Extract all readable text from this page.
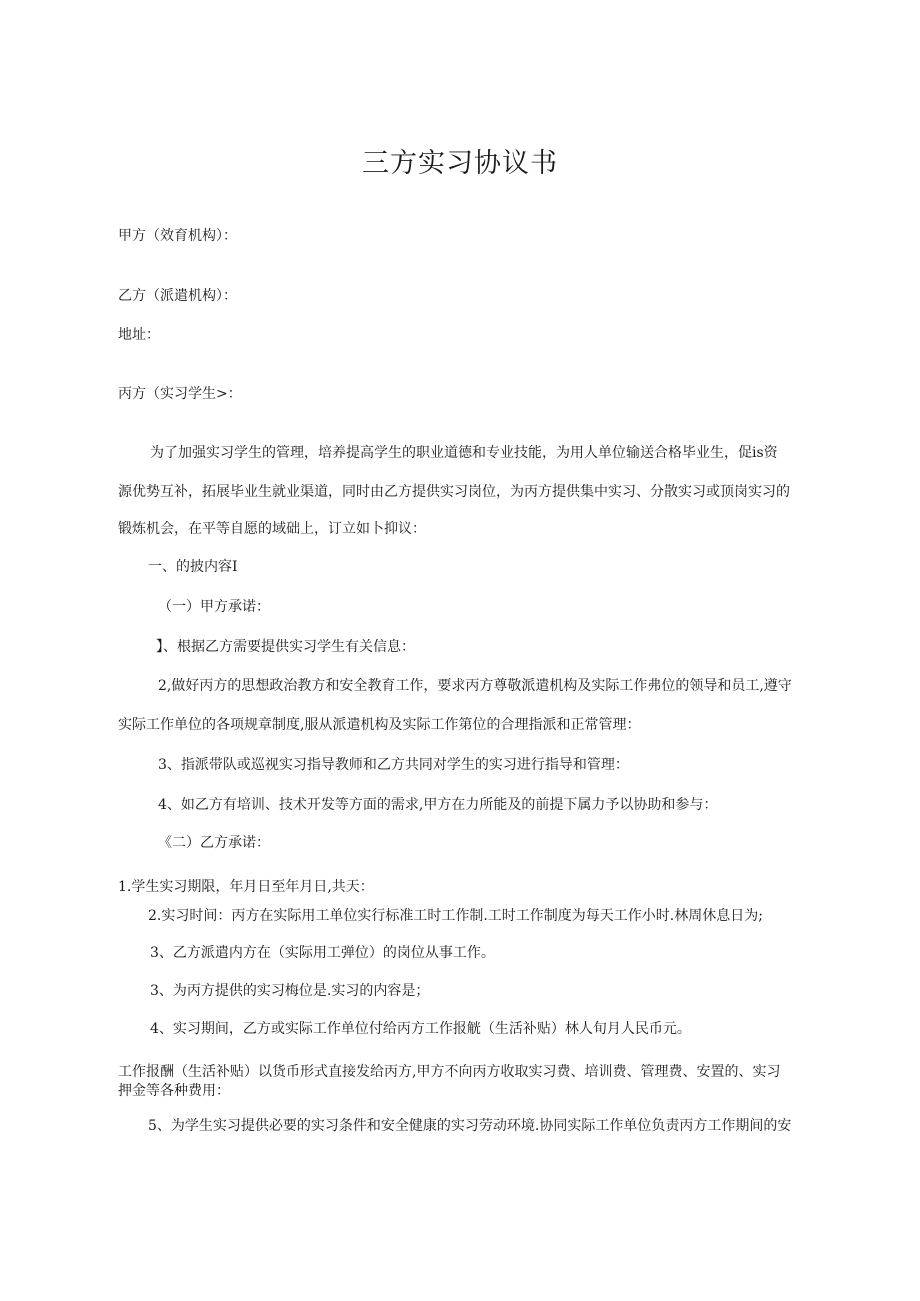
三方实习协议书

甲方（效育机构）：

乙方（派遣机构）：

地址：

丙方（实习学生>：

为了加强实习学生的管理，培养提高学生的职业道德和专业技能，为用人单位输送合格毕业生，促is资

源优势互补，拓展毕业生就业渠道，同时由乙方提供实习岗位，为丙方提供集中实习、分散实习或顶岗实习的

锻炼机会，在平等自愿的域础上，订立如卜抑议：

一、的披内容I

（一）甲方承诺：

】、根据乙方需要提供实习学生有关信息：

2,做好丙方的思想政治教方和安全教育工作，要求丙方尊敬派遣机构及实际工作弗位的领导和员工,遵守

实际工作单位的各项规章制度,服从派遣机构及实际工作第位的合理指派和正常管理：

3、指派带队或巡视实习指导教师和乙方共同对学生的实习进行指导和管理：

4、如乙方有培训、技术开发等方面的需求,甲方在力所能及的前提下属力予以协助和参与：

《二）乙方承诺：

1.学生实习期限，年月日至年月日,共天：

2.实习时间：丙方在实际用工单位实行标准工时工作制.工时工作制度为每天工作小时.林周休息日为;

3、乙方派遣内方在（实际用工弹位）的岗位从事工作。

3、为丙方提供的实习梅位是.实习的内容是；

4、实习期间，乙方或实际工作单位付给丙方工作报觥（生活补贴）林人旬月人民币元。

工作报酬（生活补贴）以货币形式直接发给丙方,甲方不向丙方收取实习费、培训费、管理费、安置的、实习

押金等各种费用：

5、为学生实习提供必要的实习条件和安全健康的实习劳动环境.协同实际工作单位负责丙方工作期间的安
